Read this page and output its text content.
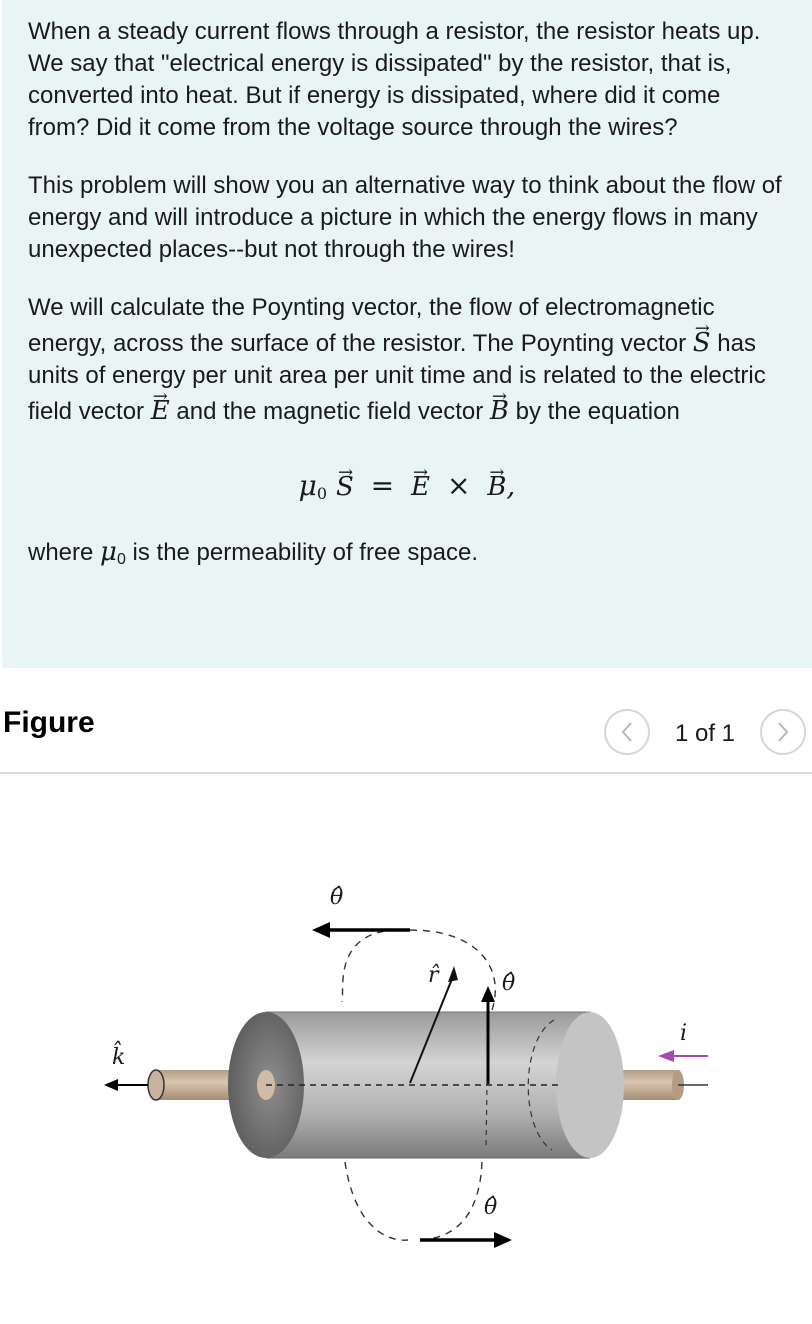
When a steady current flows through a resistor, the resistor heats up. We say that "electrical energy is dissipated" by the resistor, that is, converted into heat. But if energy is dissipated, where did it come from? Did it come from the voltage source through the wires?

This problem will show you an alternative way to think about the flow of energy and will introduce a picture in which the energy flows in many unexpected places--but not through the wires!

We will calculate the Poynting vector, the flow of electromagnetic energy, across the surface of the resistor. The Poynting vector → S has units of energy per unit area per unit time and is related to the electric field vector → E and the magnetic field vector → B by the equation

$\mu_0 \to S$ = → E × → B,

where $\mu_0$ is the permeability of free space.

Figure	1 of 1
θ̂
θ̂
θ̂
r̂
k̂
i
